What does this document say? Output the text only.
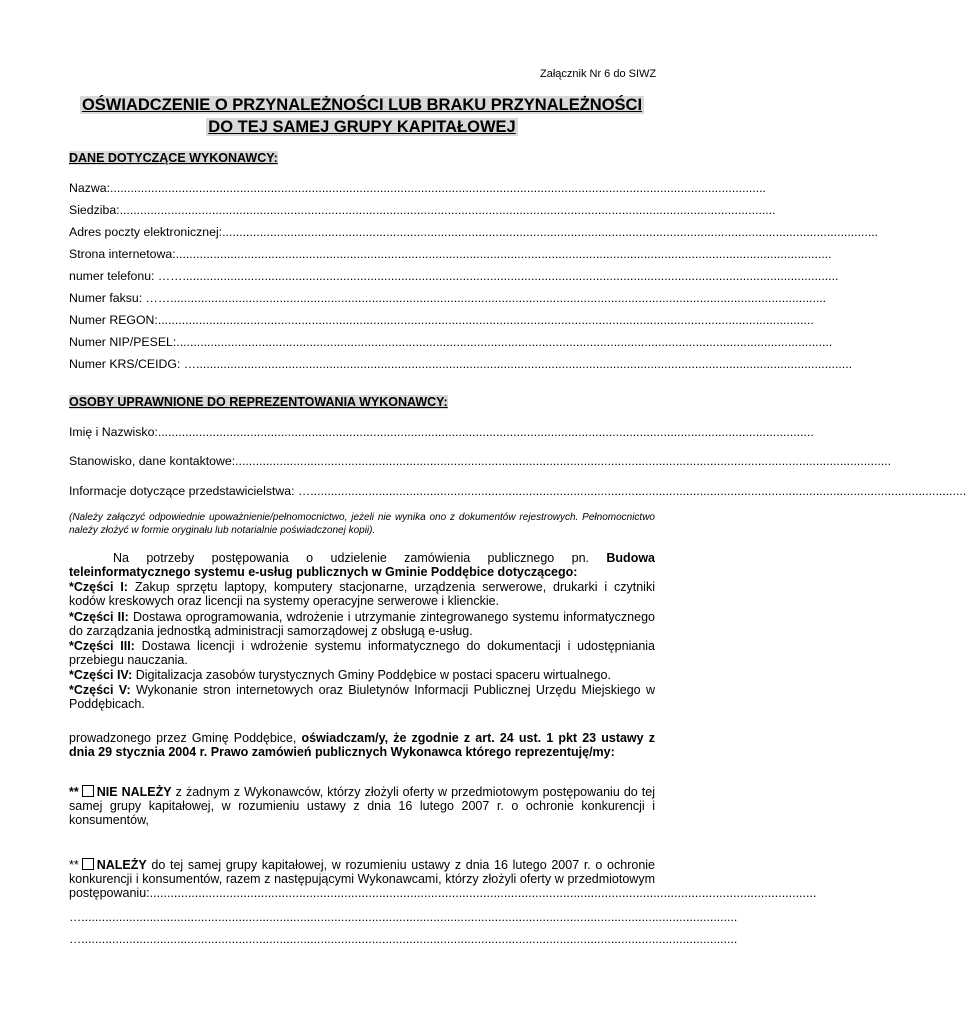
Załącznik Nr 6 do SIWZ
OŚWIADCZENIE O PRZYNALEŻNOŚCI LUB BRAKU PRZYNALEŻNOŚCI
DO TEJ SAMEJ GRUPY KAPITAŁOWEJ
DANE DOTYCZĄCE WYKONAWCY:
Nazwa: ................................................................................................................................................................................................
Siedziba: ................................................................................................................................................................................................
Adres poczty elektronicznej: ................................................................................................................................................................................................
Strona internetowa: ................................................................................................................................................................................................
numer telefonu: …… ................................................................................................................................................................................................
Numer faksu: …… ................................................................................................................................................................................................
Numer REGON: ................................................................................................................................................................................................
Numer NIP/PESEL: ................................................................................................................................................................................................
Numer KRS/CEIDG: … ................................................................................................................................................................................................
OSOBY UPRAWNIONE DO REPREZENTOWANIA WYKONAWCY:
Imię i Nazwisko: ................................................................................................................................................................................................
Stanowisko, dane kontaktowe: ................................................................................................................................................................................................
Informacje dotyczące przedstawicielstwa: … ................................................................................................................................................................................................
(Należy załączyć odpowiednie upoważnienie/pełnomocnictwo, jeżeli nie wynika ono z dokumentów rejestrowych. Pełnomocnictwo należy złożyć w formie oryginału lub notarialnie poświadczonej kopii).
Na potrzeby postępowania o udzielenie zamówienia publicznego pn. Budowa teleinformatycznego systemu e-usług publicznych w Gminie Poddębice dotyczącego:
*Części I: Zakup sprzętu laptopy, komputery stacjonarne, urządzenia serwerowe, drukarki i czytniki kodów kreskowych oraz licencji na systemy operacyjne serwerowe i klienckie.
*Części II: Dostawa oprogramowania, wdrożenie i utrzymanie zintegrowanego systemu informatycznego do zarządzania jednostką administracji samorządowej z obsługą e-usług.
*Części III: Dostawa licencji i wdrożenie systemu informatycznego do dokumentacji i udostępniania przebiegu nauczania.
*Części IV: Digitalizacja zasobów turystycznych Gminy Poddębice w postaci spaceru wirtualnego.
*Części V: Wykonanie stron internetowych oraz Biuletynów Informacji Publicznej Urzędu Miejskiego w Poddębicach.
prowadzonego przez Gminę Poddębice, oświadczam/y, że zgodnie z art. 24 ust. 1 pkt 23 ustawy z dnia 29 stycznia 2004 r. Prawo zamówień publicznych Wykonawca którego reprezentuję/my:
** NIE NALEŻY z żadnym z Wykonawców, którzy złożyli oferty w przedmiotowym postępowaniu do tej samej grupy kapitałowej, w rozumieniu ustawy z dnia 16 lutego 2007 r. o ochronie konkurencji i konsumentów,
** NALEŻY do tej samej grupy kapitałowej, w rozumieniu ustawy z dnia 16 lutego 2007 r. o ochronie konkurencji i konsumentów, razem z następującymi Wykonawcami, którzy złożyli oferty w przedmiotowym postępowaniu:................................................................................................................................................................................................
…................................................................................................................................................................................................
…................................................................................................................................................................................................
